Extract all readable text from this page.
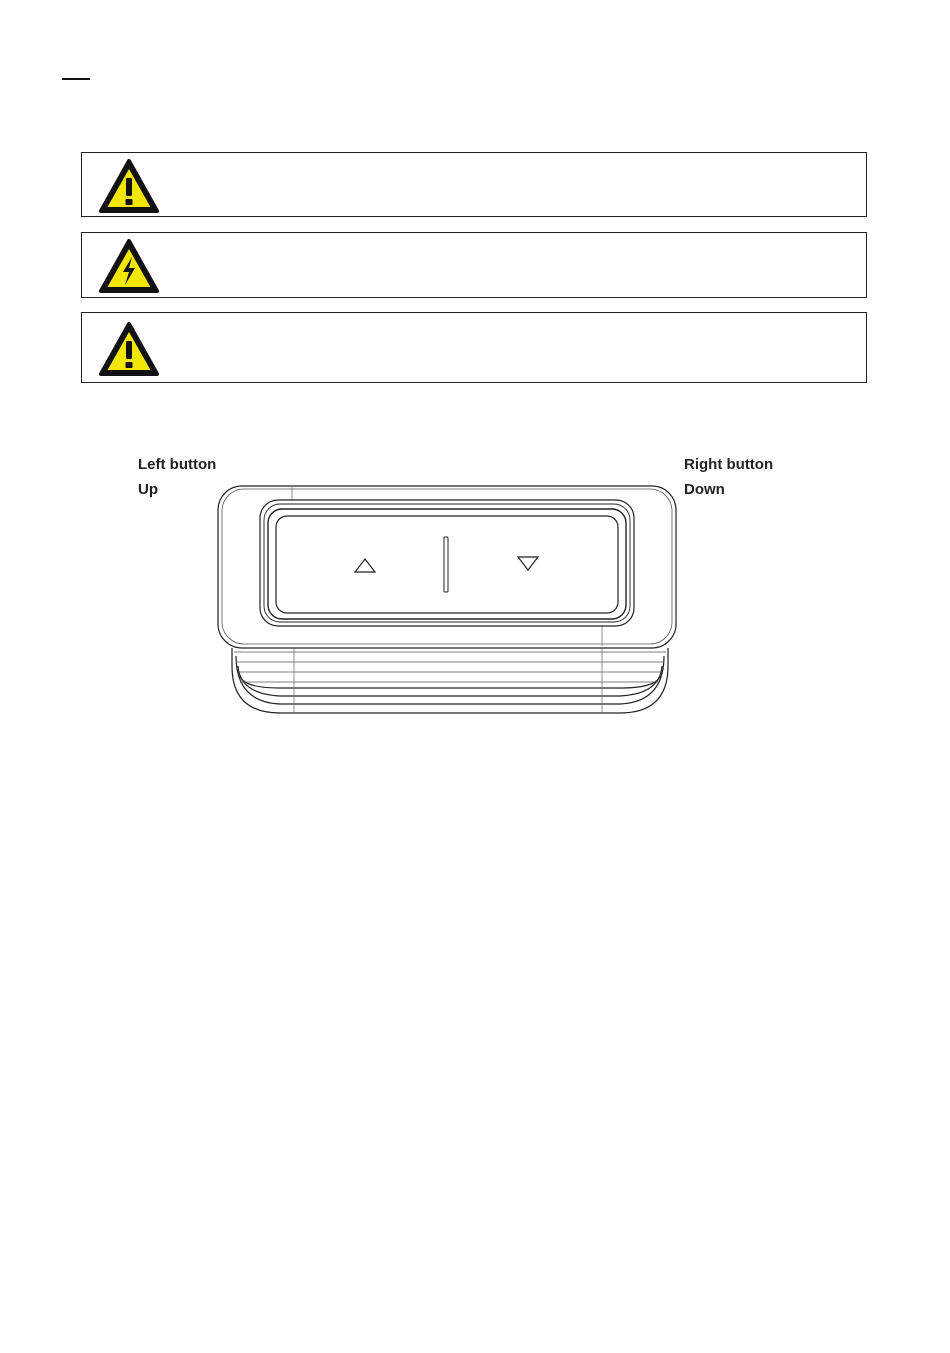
Left button
Up
Right button
Down
